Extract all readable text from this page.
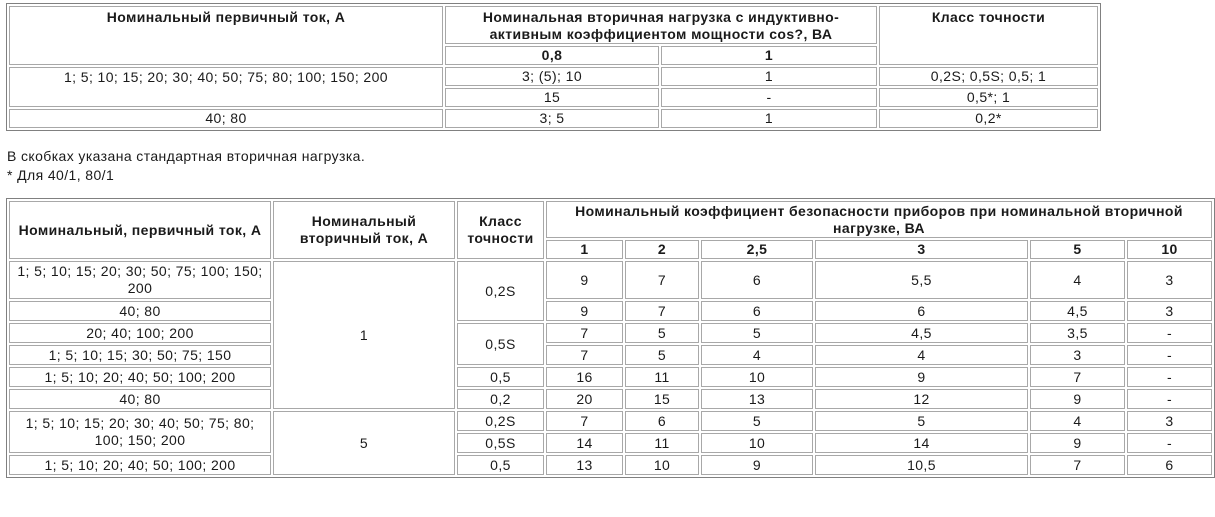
Номинальный первичный ток, А	Номинальная вторичная нагрузка с индуктивно-активным коэффициентом мощности cos?, ВА		Класс точности
	0,8	1	
1; 5; 10; 15; 20; 30; 40; 50; 75; 80; 100; 150; 200	3; (5); 10	1	0,2S; 0,5S; 0,5; 1
	15	-	0,5*; 1
40; 80	3; 5	1	0,2*
В скобках указана стандартная вторичная нагрузка.
* Для 40/1, 80/1
Номинальный, первичный ток, А	Номинальный вторичный ток, А	Класс точности	Номинальный коэффициент безопасности приборов при номинальной вторичной нагрузке, ВА					
			1	2	2,5	3	5	10
1; 5; 10; 15; 20; 30; 50; 75; 100; 150; 200	1	0,2S	9	7	6	5,5	4	3
40; 80			9	7	6	6	4,5	3
20; 40; 100; 200		0,5S	7	5	5	4,5	3,5	-
1; 5; 10; 15; 30; 50; 75; 150			7	5	4	4	3	-
1; 5; 10; 20; 40; 50; 100; 200		0,5	16	11	10	9	7	-
40; 80		0,2	20	15	13	12	9	-
1; 5; 10; 15; 20; 30; 40; 50; 75; 80; 100; 150; 200	5	0,2S	7	6	5	5	4	3
		0,5S	14	11	10	14	9	-
1; 5; 10; 20; 40; 50; 100; 200		0,5	13	10	9	10,5	7	6
